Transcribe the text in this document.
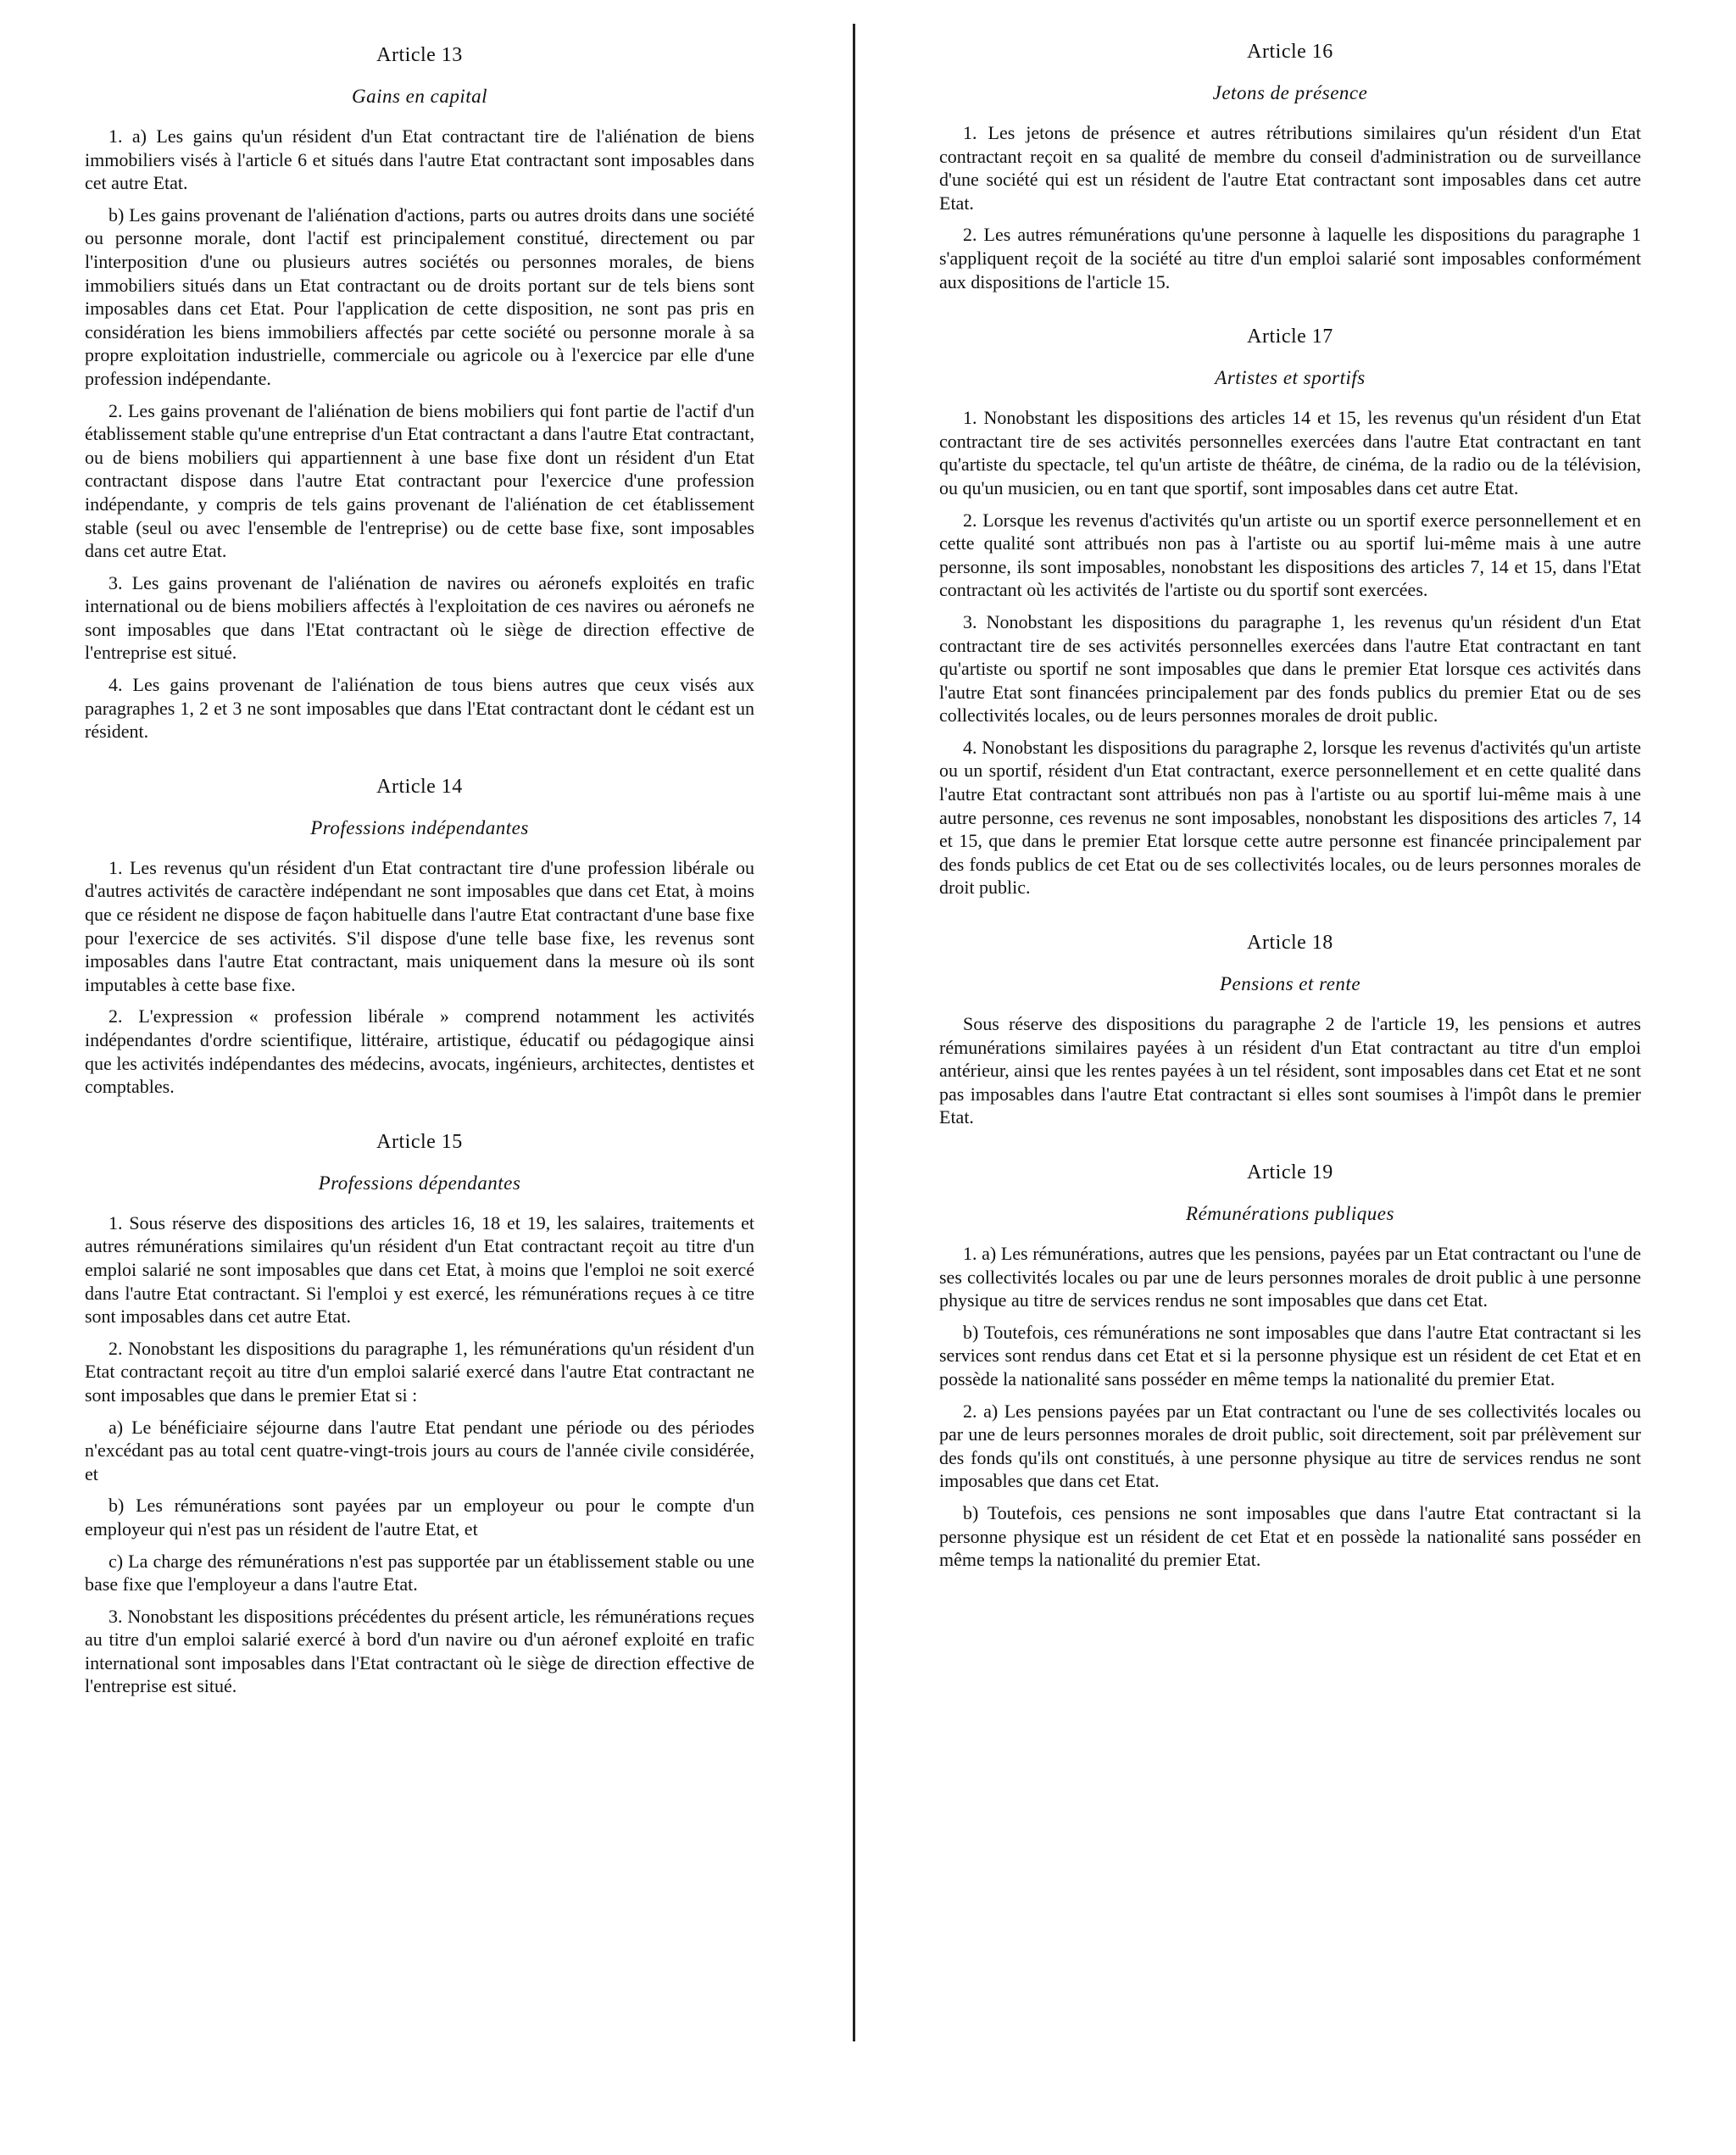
Article 13
Gains en capital

1. a) Les gains qu'un résident d'un Etat contractant tire de l'aliénation de biens immobiliers visés à l'article 6 et situés dans l'autre Etat contractant sont imposables dans cet autre Etat.

b) Les gains provenant de l'aliénation d'actions, parts ou autres droits dans une société ou personne morale, dont l'actif est principalement constitué, directement ou par l'interposition d'une ou plusieurs autres sociétés ou personnes morales, de biens immobiliers situés dans un Etat contractant ou de droits portant sur de tels biens sont imposables dans cet Etat. Pour l'application de cette disposition, ne sont pas pris en considération les biens immobiliers affectés par cette société ou personne morale à sa propre exploitation industrielle, commerciale ou agricole ou à l'exercice par elle d'une profession indépendante.

2. Les gains provenant de l'aliénation de biens mobiliers qui font partie de l'actif d'un établissement stable qu'une entreprise d'un Etat contractant a dans l'autre Etat contractant, ou de biens mobiliers qui appartiennent à une base fixe dont un résident d'un Etat contractant dispose dans l'autre Etat contractant pour l'exercice d'une profession indépendante, y compris de tels gains provenant de l'aliénation de cet établissement stable (seul ou avec l'ensemble de l'entreprise) ou de cette base fixe, sont imposables dans cet autre Etat.

3. Les gains provenant de l'aliénation de navires ou aéronefs exploités en trafic international ou de biens mobiliers affectés à l'exploitation de ces navires ou aéronefs ne sont imposables que dans l'Etat contractant où le siège de direction effective de l'entreprise est situé.

4. Les gains provenant de l'aliénation de tous biens autres que ceux visés aux paragraphes 1, 2 et 3 ne sont imposables que dans l'Etat contractant dont le cédant est un résident.

Article 14
Professions indépendantes

1. Les revenus qu'un résident d'un Etat contractant tire d'une profession libérale ou d'autres activités de caractère indépendant ne sont imposables que dans cet Etat, à moins que ce résident ne dispose de façon habituelle dans l'autre Etat contractant d'une base fixe pour l'exercice de ses activités. S'il dispose d'une telle base fixe, les revenus sont imposables dans l'autre Etat contractant, mais uniquement dans la mesure où ils sont imputables à cette base fixe.

2. L'expression « profession libérale » comprend notamment les activités indépendantes d'ordre scientifique, littéraire, artistique, éducatif ou pédagogique ainsi que les activités indépendantes des médecins, avocats, ingénieurs, architectes, dentistes et comptables.

Article 15
Professions dépendantes

1. Sous réserve des dispositions des articles 16, 18 et 19, les salaires, traitements et autres rémunérations similaires qu'un résident d'un Etat contractant reçoit au titre d'un emploi salarié ne sont imposables que dans cet Etat, à moins que l'emploi ne soit exercé dans l'autre Etat contractant. Si l'emploi y est exercé, les rémunérations reçues à ce titre sont imposables dans cet autre Etat.

2. Nonobstant les dispositions du paragraphe 1, les rémunérations qu'un résident d'un Etat contractant reçoit au titre d'un emploi salarié exercé dans l'autre Etat contractant ne sont imposables que dans le premier Etat si :

a) Le bénéficiaire séjourne dans l'autre Etat pendant une période ou des périodes n'excédant pas au total cent quatre-vingt-trois jours au cours de l'année civile considérée, et

b) Les rémunérations sont payées par un employeur ou pour le compte d'un employeur qui n'est pas un résident de l'autre Etat, et

c) La charge des rémunérations n'est pas supportée par un établissement stable ou une base fixe que l'employeur a dans l'autre Etat.

3. Nonobstant les dispositions précédentes du présent article, les rémunérations reçues au titre d'un emploi salarié exercé à bord d'un navire ou d'un aéronef exploité en trafic international sont imposables dans l'Etat contractant où le siège de direction effective de l'entreprise est situé.

Article 16
Jetons de présence

1. Les jetons de présence et autres rétributions similaires qu'un résident d'un Etat contractant reçoit en sa qualité de membre du conseil d'administration ou de surveillance d'une société qui est un résident de l'autre Etat contractant sont imposables dans cet autre Etat.

2. Les autres rémunérations qu'une personne à laquelle les dispositions du paragraphe 1 s'appliquent reçoit de la société au titre d'un emploi salarié sont imposables conformément aux dispositions de l'article 15.

Article 17
Artistes et sportifs

1. Nonobstant les dispositions des articles 14 et 15, les revenus qu'un résident d'un Etat contractant tire de ses activités personnelles exercées dans l'autre Etat contractant en tant qu'artiste du spectacle, tel qu'un artiste de théâtre, de cinéma, de la radio ou de la télévision, ou qu'un musicien, ou en tant que sportif, sont imposables dans cet autre Etat.

2. Lorsque les revenus d'activités qu'un artiste ou un sportif exerce personnellement et en cette qualité sont attribués non pas à l'artiste ou au sportif lui-même mais à une autre personne, ils sont imposables, nonobstant les dispositions des articles 7, 14 et 15, dans l'Etat contractant où les activités de l'artiste ou du sportif sont exercées.

3. Nonobstant les dispositions du paragraphe 1, les revenus qu'un résident d'un Etat contractant tire de ses activités personnelles exercées dans l'autre Etat contractant en tant qu'artiste ou sportif ne sont imposables que dans le premier Etat lorsque ces activités dans l'autre Etat sont financées principalement par des fonds publics du premier Etat ou de ses collectivités locales, ou de leurs personnes morales de droit public.

4. Nonobstant les dispositions du paragraphe 2, lorsque les revenus d'activités qu'un artiste ou un sportif, résident d'un Etat contractant, exerce personnellement et en cette qualité dans l'autre Etat contractant sont attribués non pas à l'artiste ou au sportif lui-même mais à une autre personne, ces revenus ne sont imposables, nonobstant les dispositions des articles 7, 14 et 15, que dans le premier Etat lorsque cette autre personne est financée principalement par des fonds publics de cet Etat ou de ses collectivités locales, ou de leurs personnes morales de droit public.

Article 18
Pensions et rente

Sous réserve des dispositions du paragraphe 2 de l'article 19, les pensions et autres rémunérations similaires payées à un résident d'un Etat contractant au titre d'un emploi antérieur, ainsi que les rentes payées à un tel résident, sont imposables dans cet Etat et ne sont pas imposables dans l'autre Etat contractant si elles sont soumises à l'impôt dans le premier Etat.

Article 19
Rémunérations publiques

1. a) Les rémunérations, autres que les pensions, payées par un Etat contractant ou l'une de ses collectivités locales ou par une de leurs personnes morales de droit public à une personne physique au titre de services rendus ne sont imposables que dans cet Etat.

b) Toutefois, ces rémunérations ne sont imposables que dans l'autre Etat contractant si les services sont rendus dans cet Etat et si la personne physique est un résident de cet Etat et en possède la nationalité sans posséder en même temps la nationalité du premier Etat.

2. a) Les pensions payées par un Etat contractant ou l'une de ses collectivités locales ou par une de leurs personnes morales de droit public, soit directement, soit par prélèvement sur des fonds qu'ils ont constitués, à une personne physique au titre de services rendus ne sont imposables que dans cet Etat.

b) Toutefois, ces pensions ne sont imposables que dans l'autre Etat contractant si la personne physique est un résident de cet Etat et en possède la nationalité sans posséder en même temps la nationalité du premier Etat.
